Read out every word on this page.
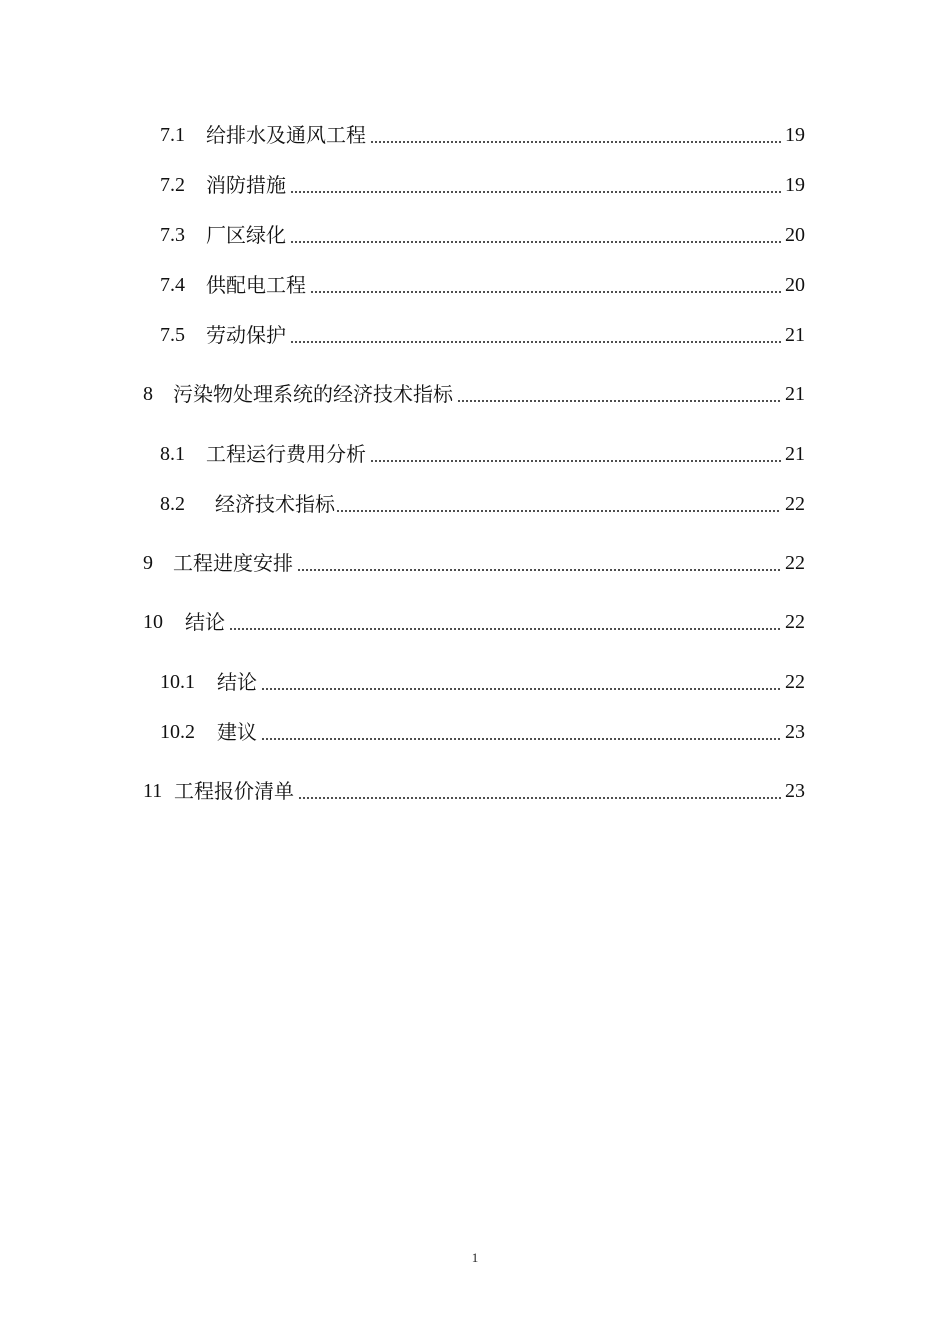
7.1	给排水及通风工程	19
7.2	消防措施	19
7.3	厂区绿化	20
7.4	供配电工程	20
7.5	劳动保护	21
8	污染物处理系统的经济技术指标	21
8.1	工程运行费用分析	21
8.2	经济技术指标	22
9	工程进度安排	22
10	结论	22
10.1	结论	22
10.2	建议	23
11 工程报价清单	23
1
